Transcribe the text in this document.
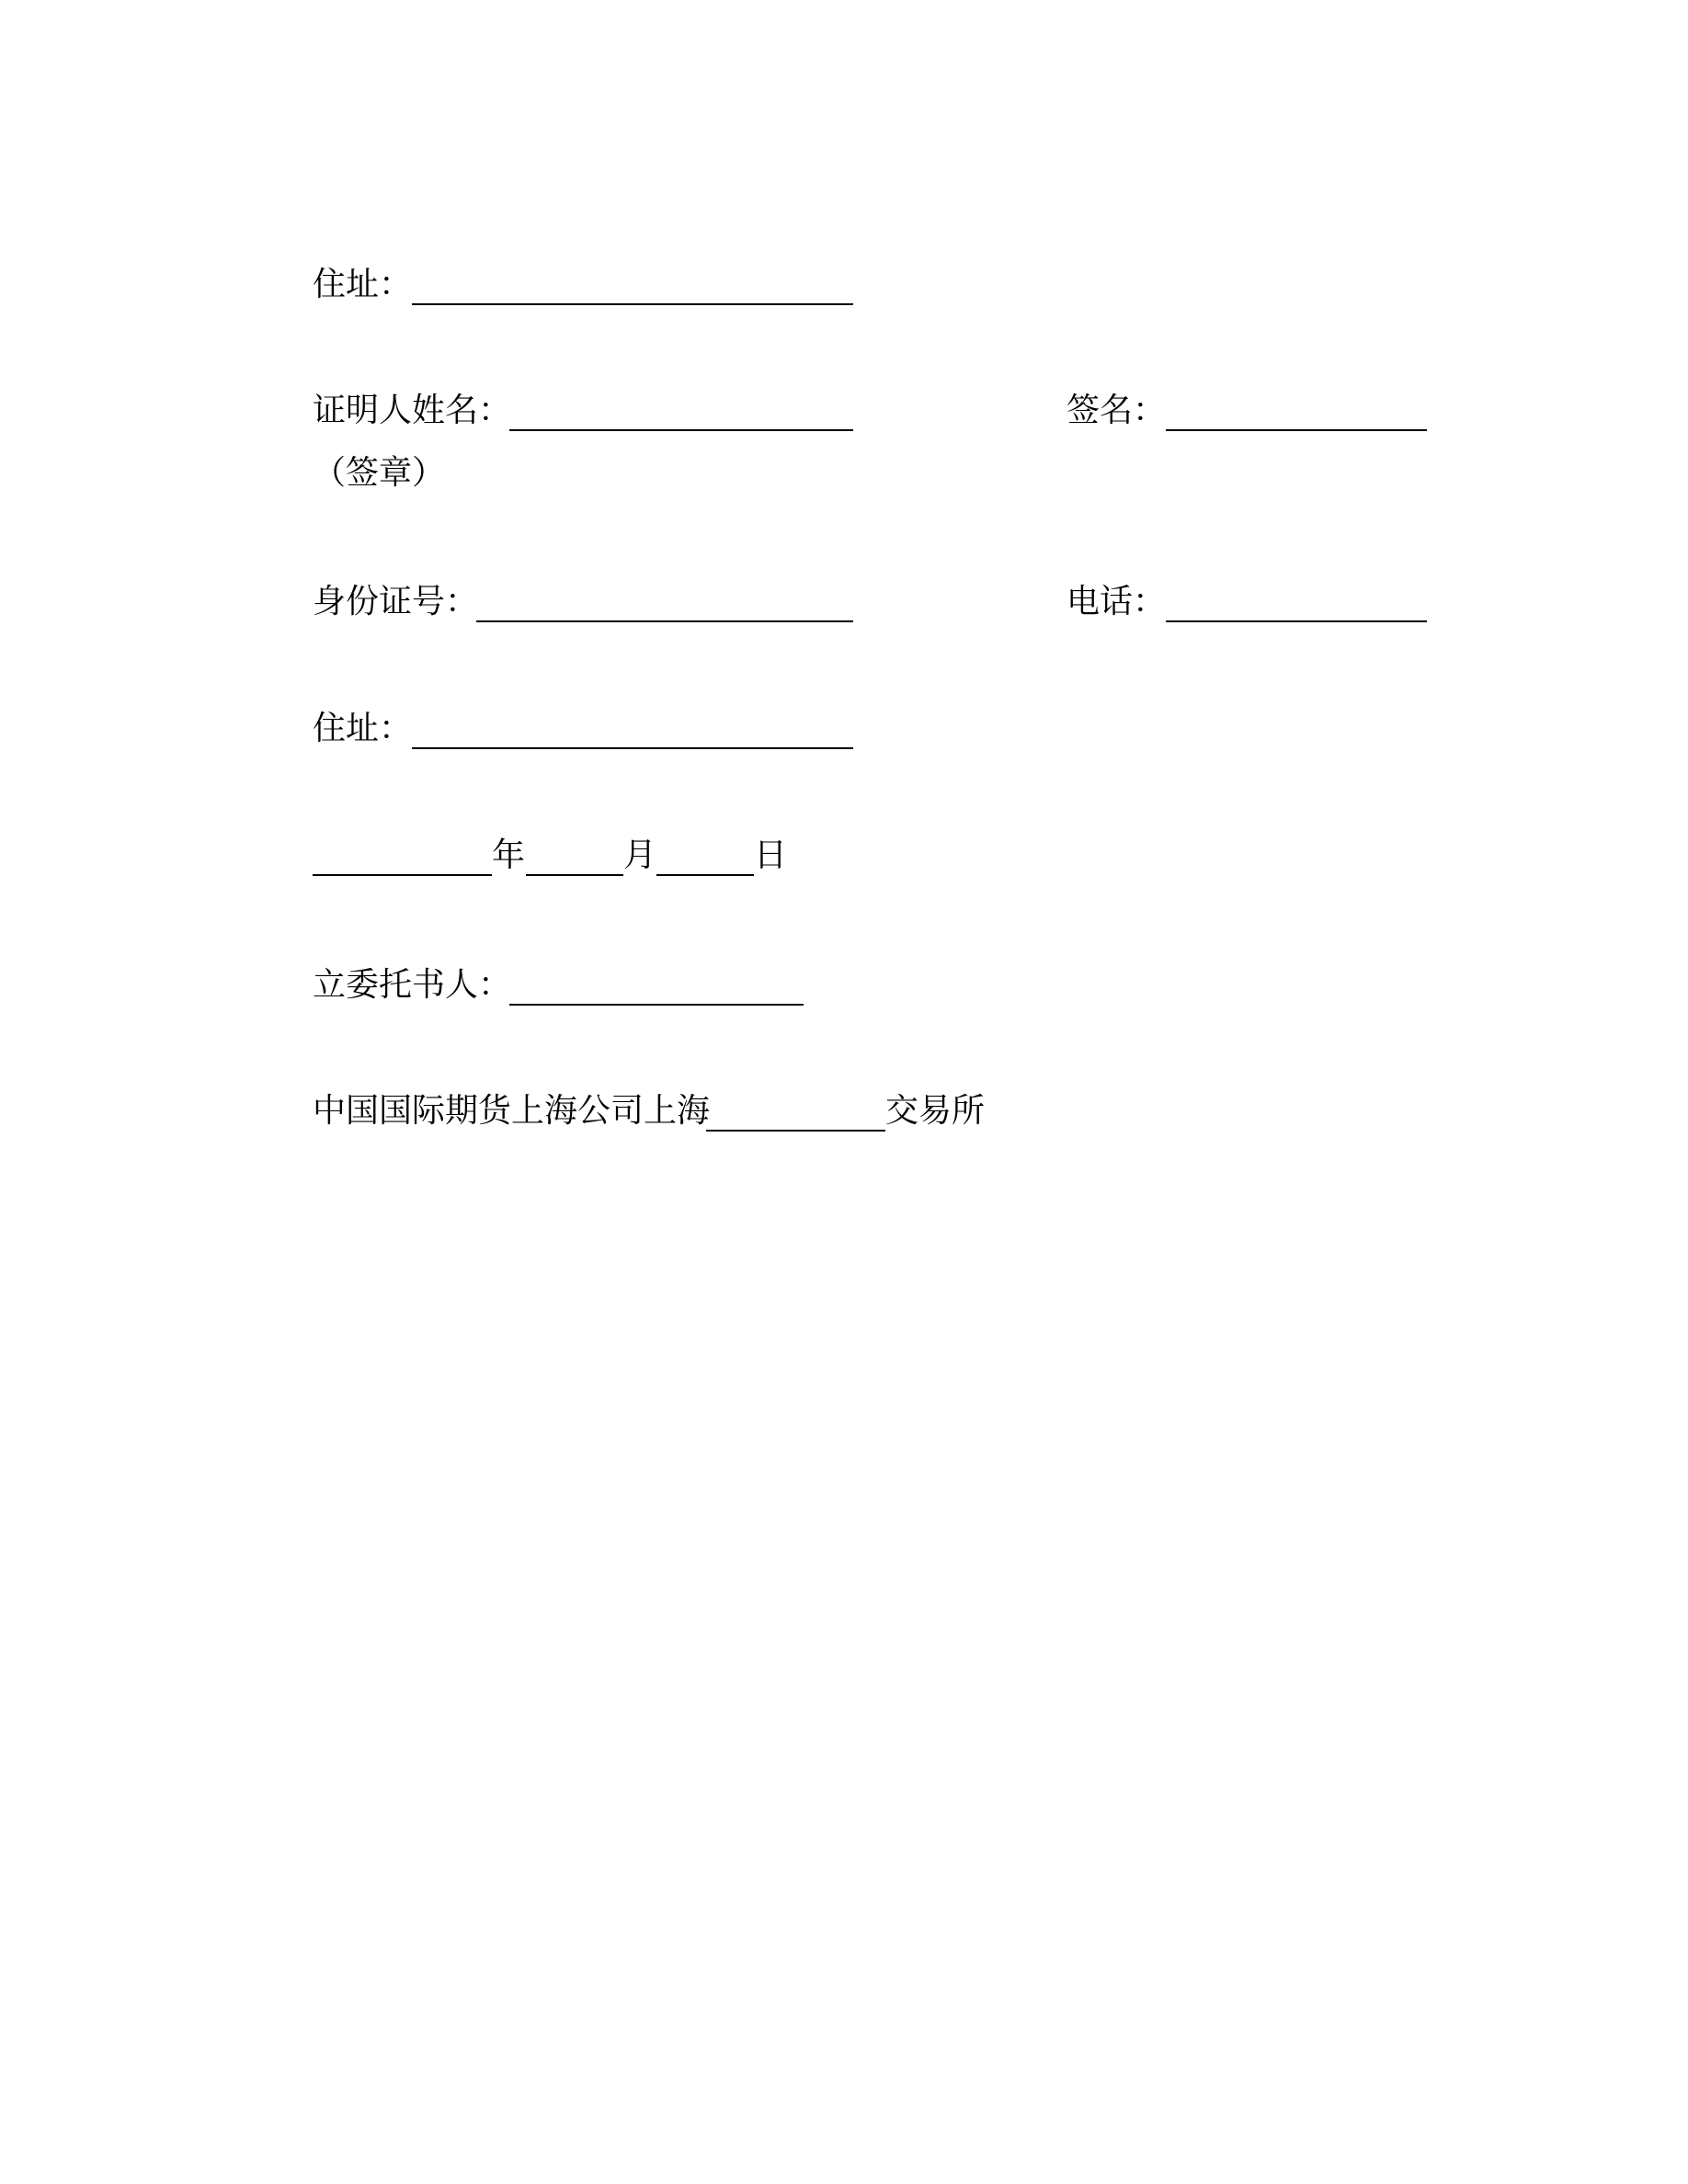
住址：
证明人姓名：	签名：
（签章）
身份证号：	电话：
住址：
年	月	日
立委托书人：
中国国际期货上海公司上海	交易所
